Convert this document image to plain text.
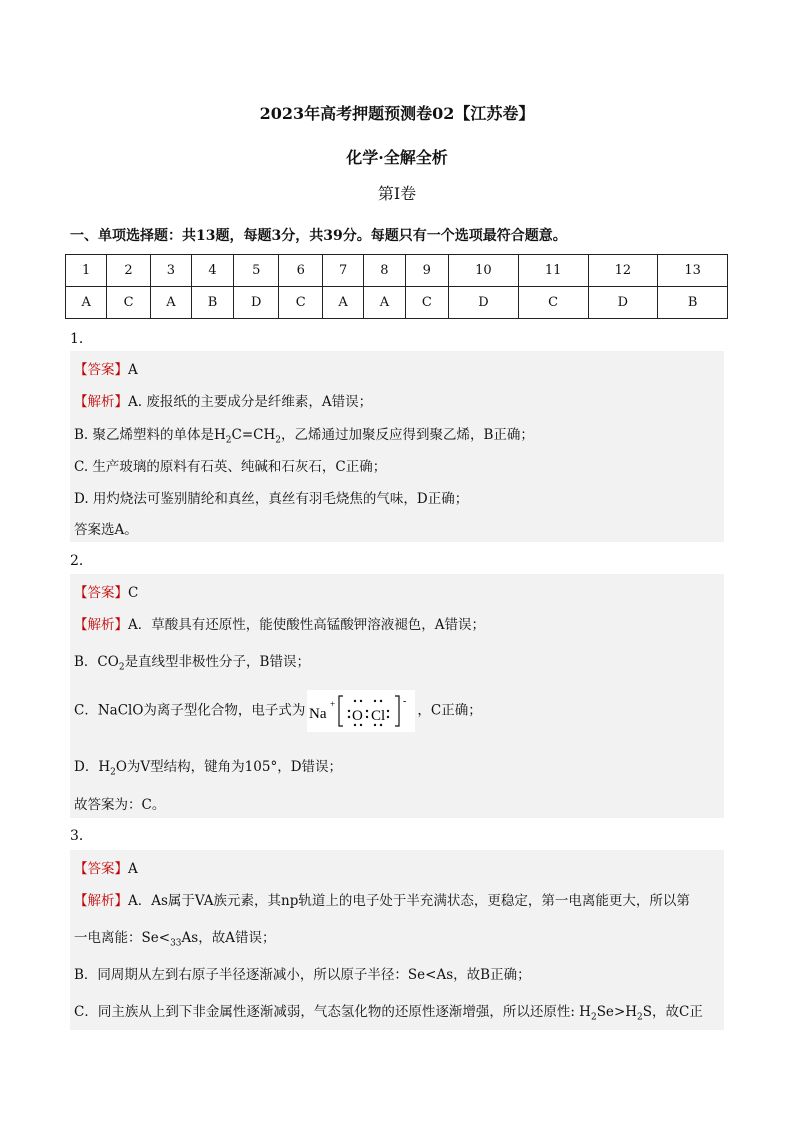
2023年高考押题预测卷02【江苏卷】
化学·全解全析
第Ⅰ卷
一、单项选择题：共13题，每题3分，共39分。每题只有一个选项最符合题意。
1	2	3	4	5	6	7	8	9	10	11	12	13
A	C	A	B	D	C	A	A	C	D	C	D	B
1．
【答案】A
【解析】A. 废报纸的主要成分是纤维素，A错误；
B. 聚乙烯塑料的单体是$H_2C=CH_2$，乙烯通过加聚反应得到聚乙烯，B正确；
C. 生产玻璃的原料有石英、纯碱和石灰石，C正确；
D. 用灼烧法可鉴别腈纶和真丝，真丝有羽毛烧焦的气味，D正确；
答案选A。
2．
【答案】C
【解析】A．草酸具有还原性，能使酸性高锰酸钾溶液褪色，A错误；
B．$CO_2$是直线型非极性分子，B错误；
C．NaClO为离子型化合物，电子式为 Na
+
O Cl
-
，C正确；
D．$H_2O$为V型结构，键角为105°，D错误；
故答案为：C。
3．
【答案】A
【解析】A．As属于VA族元素，其np轨道上的电子处于半充满状态，更稳定，第一电离能更大，所以第
一电离能：$Se<_{33}As$，故A错误；
B．同周期从左到右原子半径逐渐减小，所以原子半径：Se<As，故B正确；
C．同主族从上到下非金属性逐渐减弱，气态氢化物的还原性逐渐增强，所以还原性: $H_2Se>H_2S$，故C正
